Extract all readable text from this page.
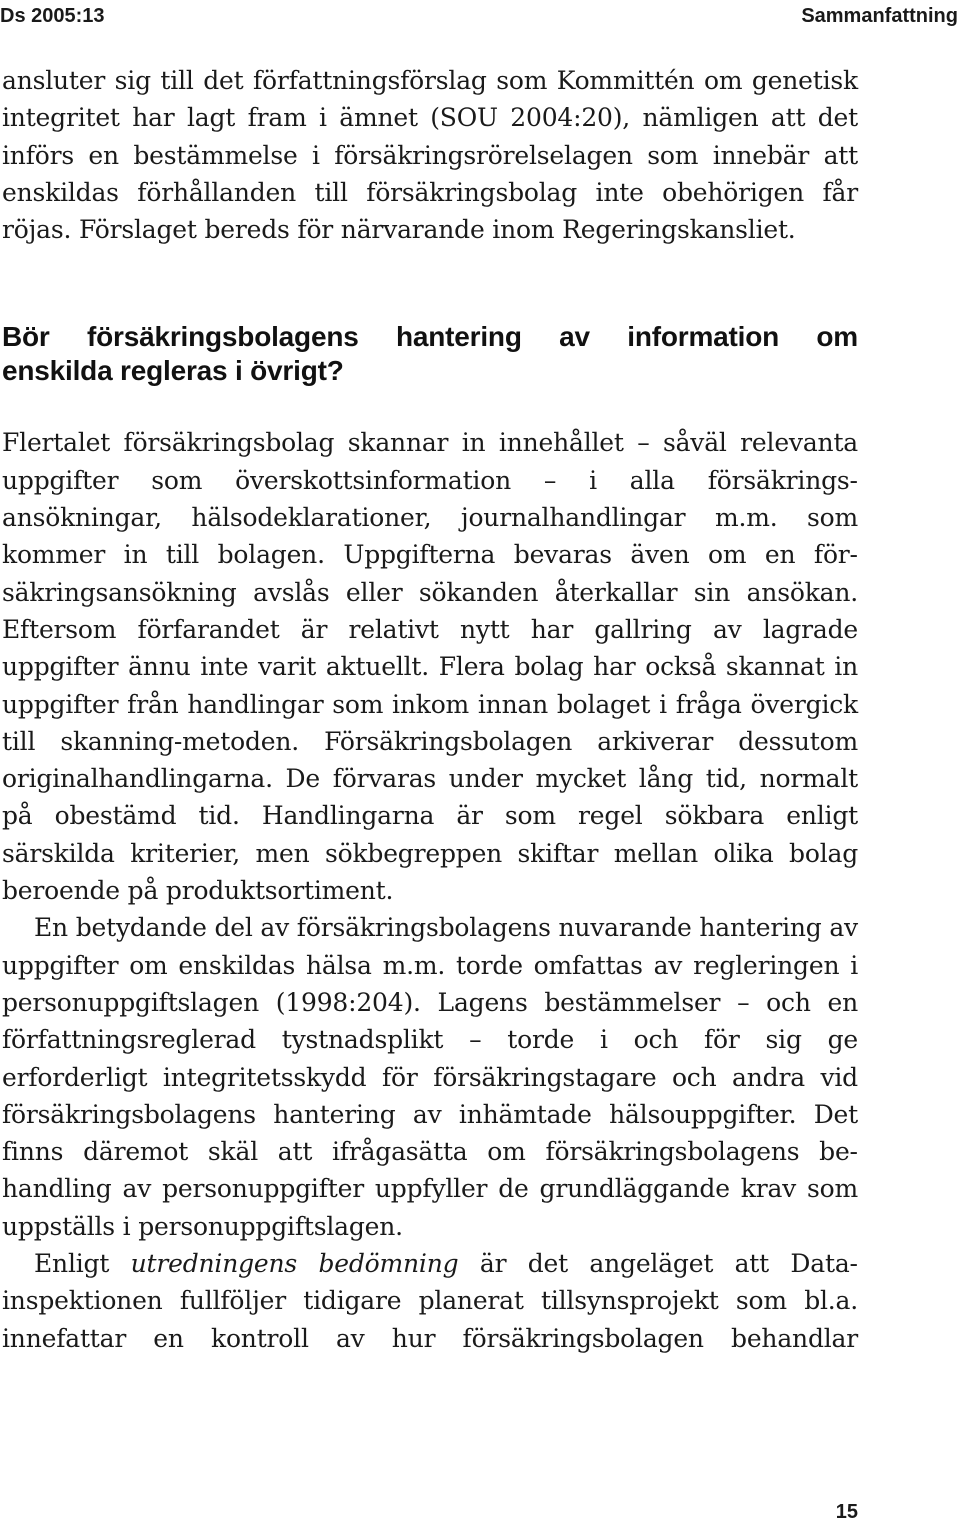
Ds 2005:13	Sammanfattning

ansluter sig till det författningsförslag som Kommittén om genetisk integritet har lagt fram i ämnet (SOU 2004:20), nämligen att det införs en bestämmelse i försäkringsrörelselagen som innebär att enskildas förhållanden till försäkringsbolag inte obehörigen får röjas. Förslaget bereds för närvarande inom Regeringskansliet.

Bör försäkringsbolagens hantering av information om
enskilda regleras i övrigt?

Flertalet försäkringsbolag skannar in innehållet – såväl relevanta uppgifter som överskottsinformation – i alla försäkringsansökningar, hälsodeklarationer, journalhandlingar m.m. som kommer in till bolagen. Uppgifterna bevaras även om en försäkringsansökning avslås eller sökanden återkallar sin ansökan. Eftersom förfarandet är relativt nytt har gallring av lagrade uppgifter ännu inte varit aktuellt. Flera bolag har också skannat in uppgifter från handlingar som inkom innan bolaget i fråga övergick till skanning-metoden. Försäkringsbolagen arkiverar dessutom originalhandlingarna. De förvaras under mycket lång tid, normalt på obestämd tid. Handlingarna är som regel sökbara enligt särskilda kriterier, men sökbegreppen skiftar mellan olika bolag beroende på produktsortiment.

En betydande del av försäkringsbolagens nuvarande hantering av uppgifter om enskildas hälsa m.m. torde omfattas av regleringen i personuppgiftslagen (1998:204). Lagens bestämmelser – och en författningsreglerad tystnadsplikt – torde i och för sig ge erforderligt integritetsskydd för försäkringstagare och andra vid försäkringsbolagens hantering av inhämtade hälsouppgifter. Det finns däremot skäl att ifrågasätta om försäkringsbolagens behandling av personuppgifter uppfyller de grundläggande krav som uppställs i personuppgiftslagen.

Enligt utredningens bedömning är det angeläget att Datainspektionen fullföljer tidigare planerat tillsynsprojekt som bl.a. innefattar en kontroll av hur försäkringsbolagen behandlar

15
